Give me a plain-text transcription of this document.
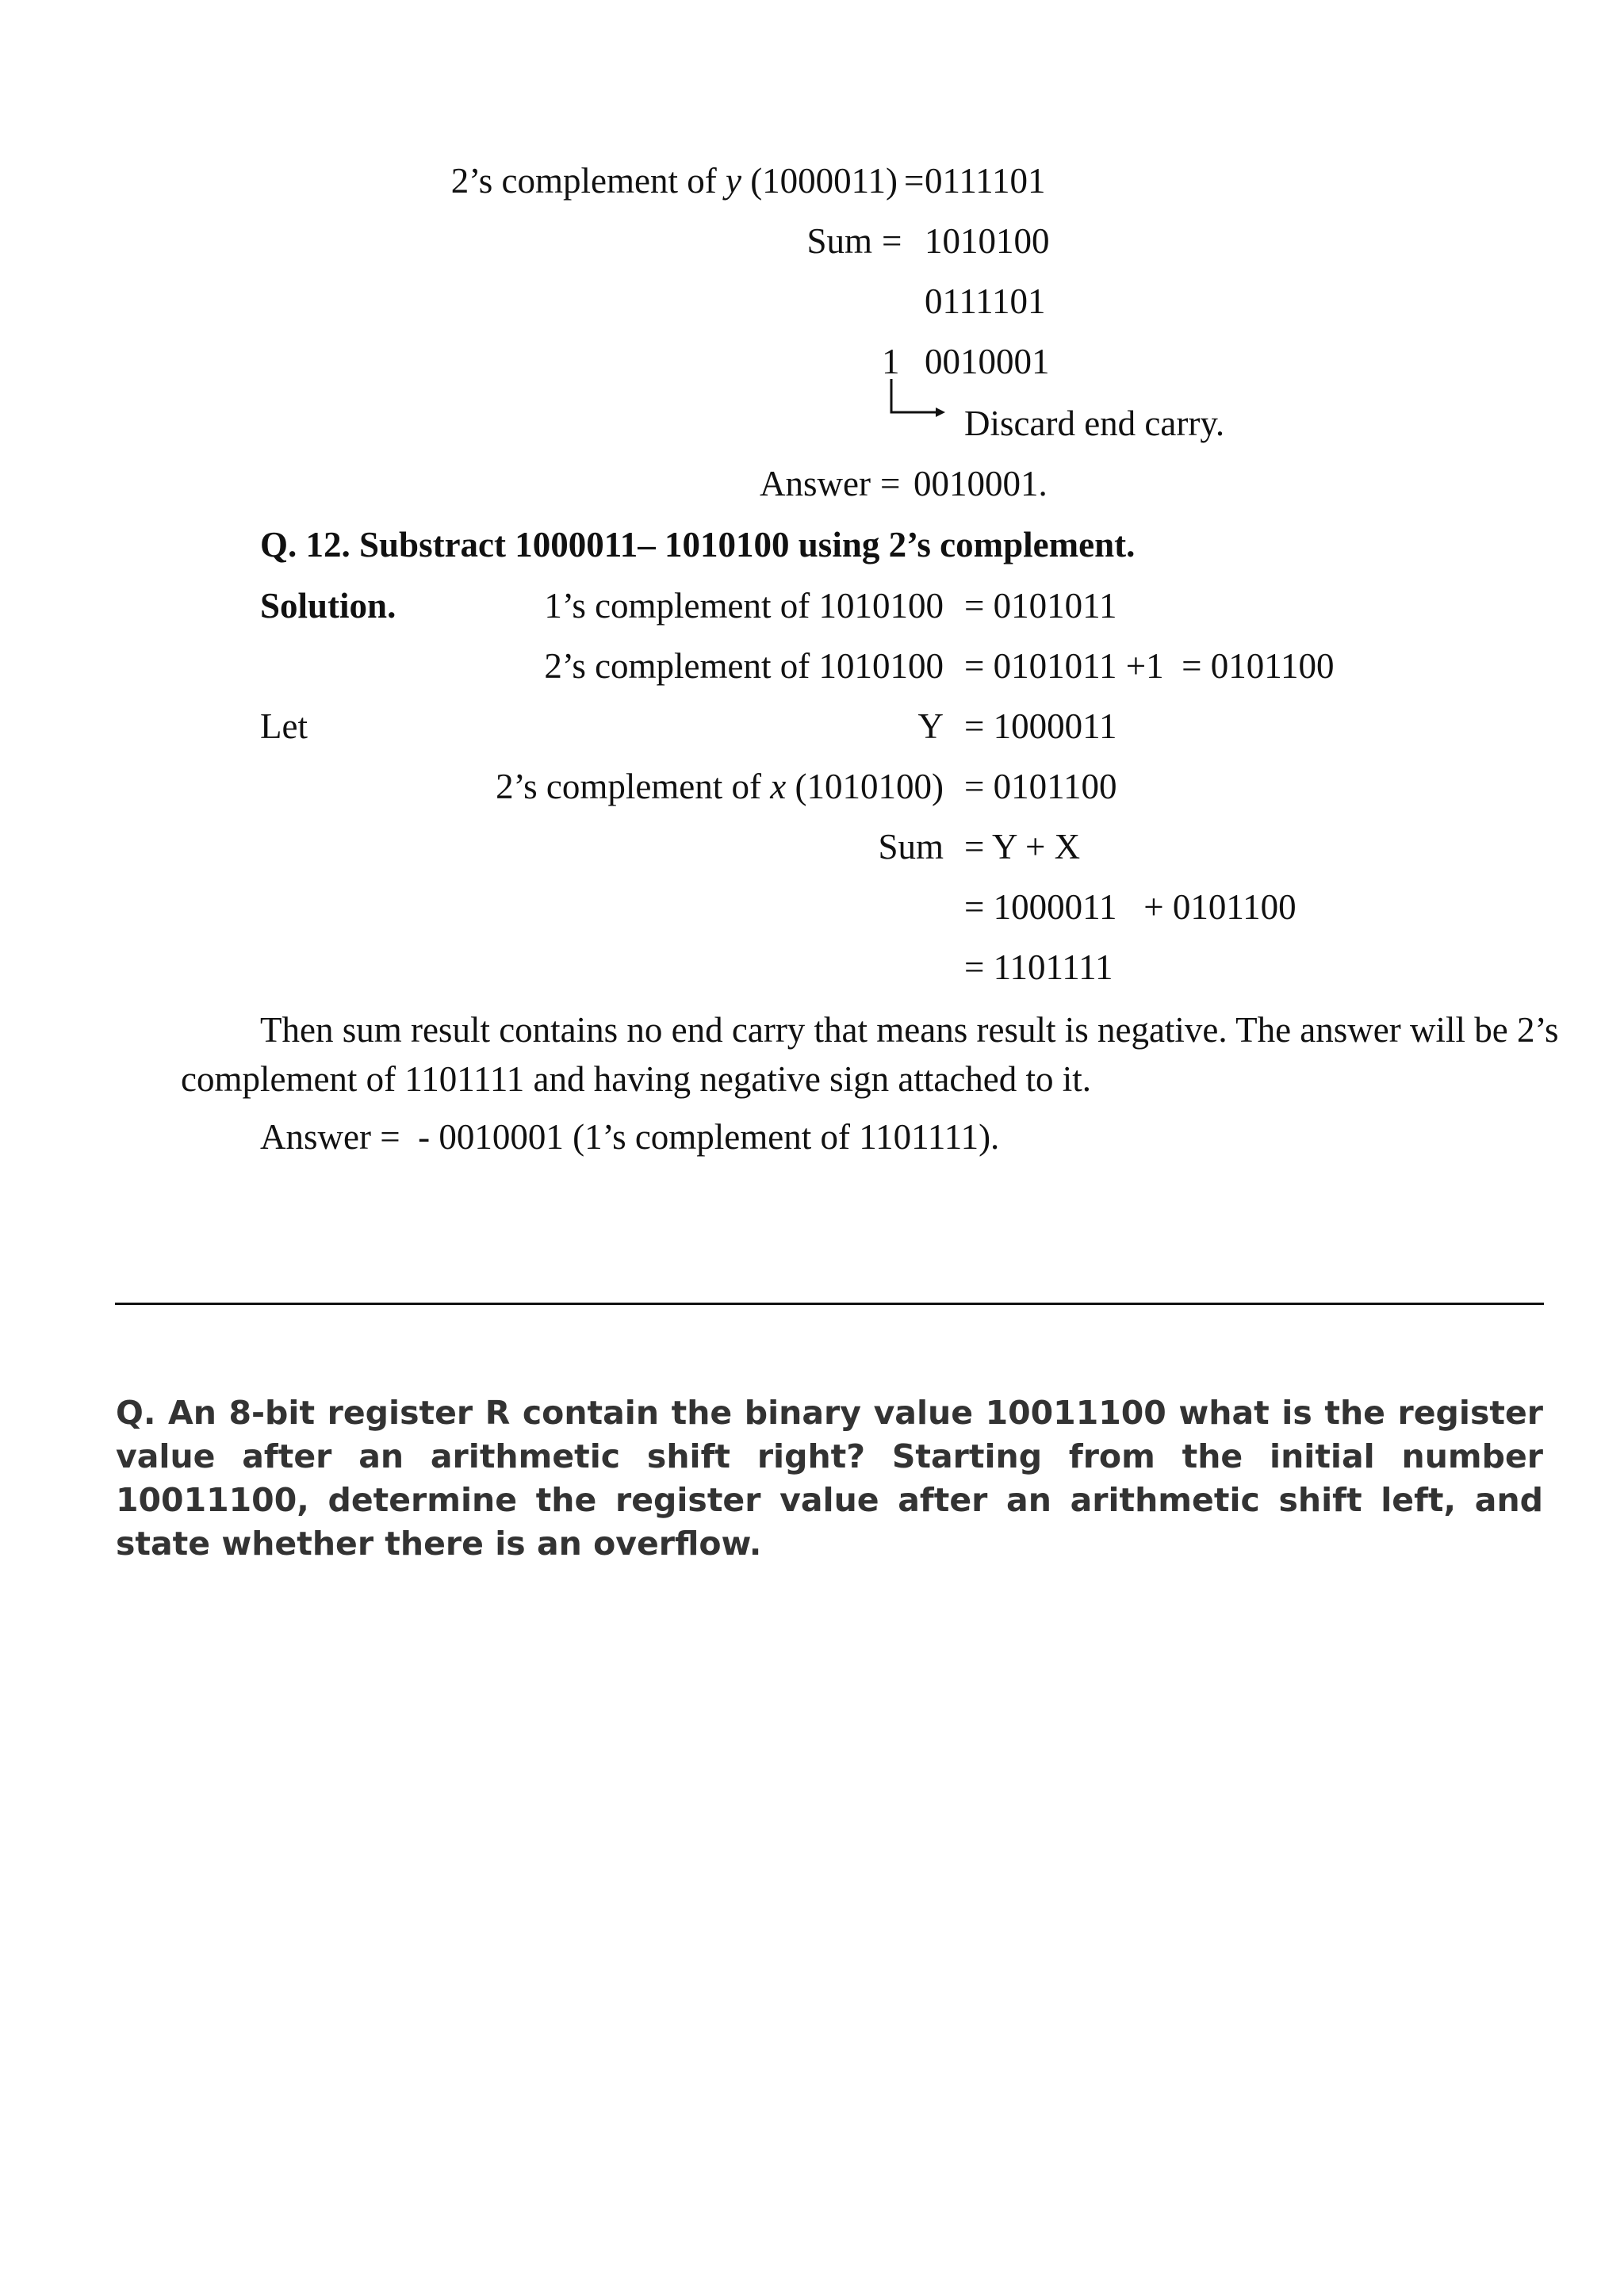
2’s complement of y (1000011) = 0111101
Sum = 1010100
0111101
1 0010001
Discard end carry.
Answer = 0010001.
Q. 12. Substract 1000011– 1010100 using 2’s complement.
Solution.	1’s complement of 1010100 = 0101011
2’s complement of 1010100 = 0101011 +1  = 0101100
Let	Y = 1000011
2’s complement of x (1010100) = 0101100
Sum = Y + X
= 1000011   + 0101100
= 1101111
Then sum result contains no end carry that means result is negative. The answer will be 2’s complement of 1101111 and having negative sign attached to it.
Answer =  - 0010001 (1’s complement of 1101111).
Q. An 8-bit register R contain the binary value 10011100 what is the register value after an arithmetic shift right? Starting from the initial number 10011100, determine the register value after an arithmetic shift left, and state whether there is an overflow.
